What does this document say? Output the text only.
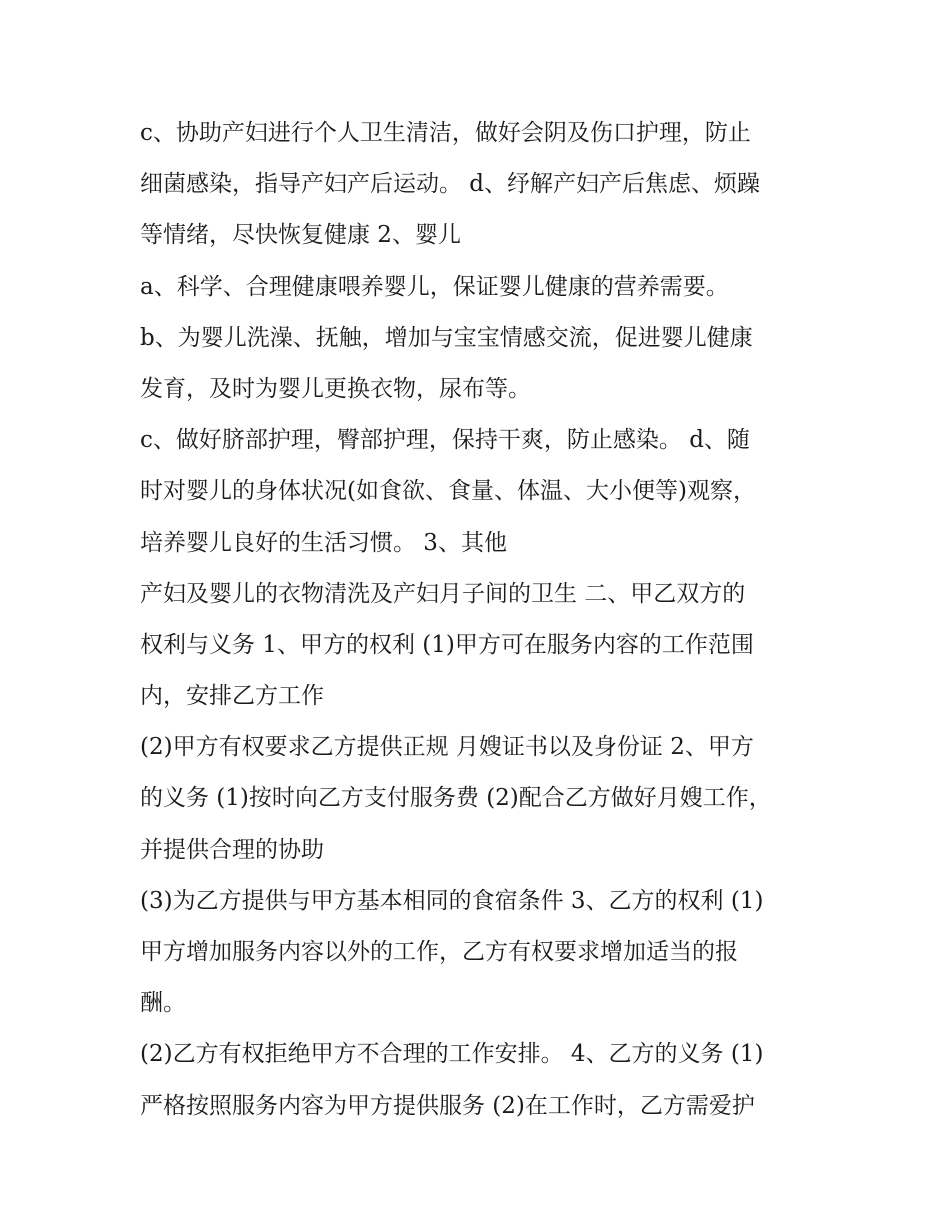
c、协助产妇进行个人卫生清洁，做好会阴及伤口护理，防止
细菌感染，指导产妇产后运动。 d、纾解产妇产后焦虑、烦躁
等情绪，尽快恢复健康 2、婴儿
a、科学、合理健康喂养婴儿，保证婴儿健康的营养需要。
b、为婴儿洗澡、抚触，增加与宝宝情感交流，促进婴儿健康
发育，及时为婴儿更换衣物，尿布等。
c、做好脐部护理，臀部护理，保持干爽，防止感染。 d、随
时对婴儿的身体状况(如食欲、食量、体温、大小便等)观察，
培养婴儿良好的生活习惯。 3、其他
产妇及婴儿的衣物清洗及产妇月子间的卫生 二、甲乙双方的
权利与义务 1、甲方的权利 (1)甲方可在服务内容的工作范围
内，安排乙方工作
(2)甲方有权要求乙方提供正规 月嫂证书以及身份证 2、甲方
的义务 (1)按时向乙方支付服务费 (2)配合乙方做好月嫂工作，
并提供合理的协助
(3)为乙方提供与甲方基本相同的食宿条件 3、乙方的权利 (1)
甲方增加服务内容以外的工作，乙方有权要求增加适当的报
酬。
(2)乙方有权拒绝甲方不合理的工作安排。 4、乙方的义务 (1)
严格按照服务内容为甲方提供服务 (2)在工作时，乙方需爱护
